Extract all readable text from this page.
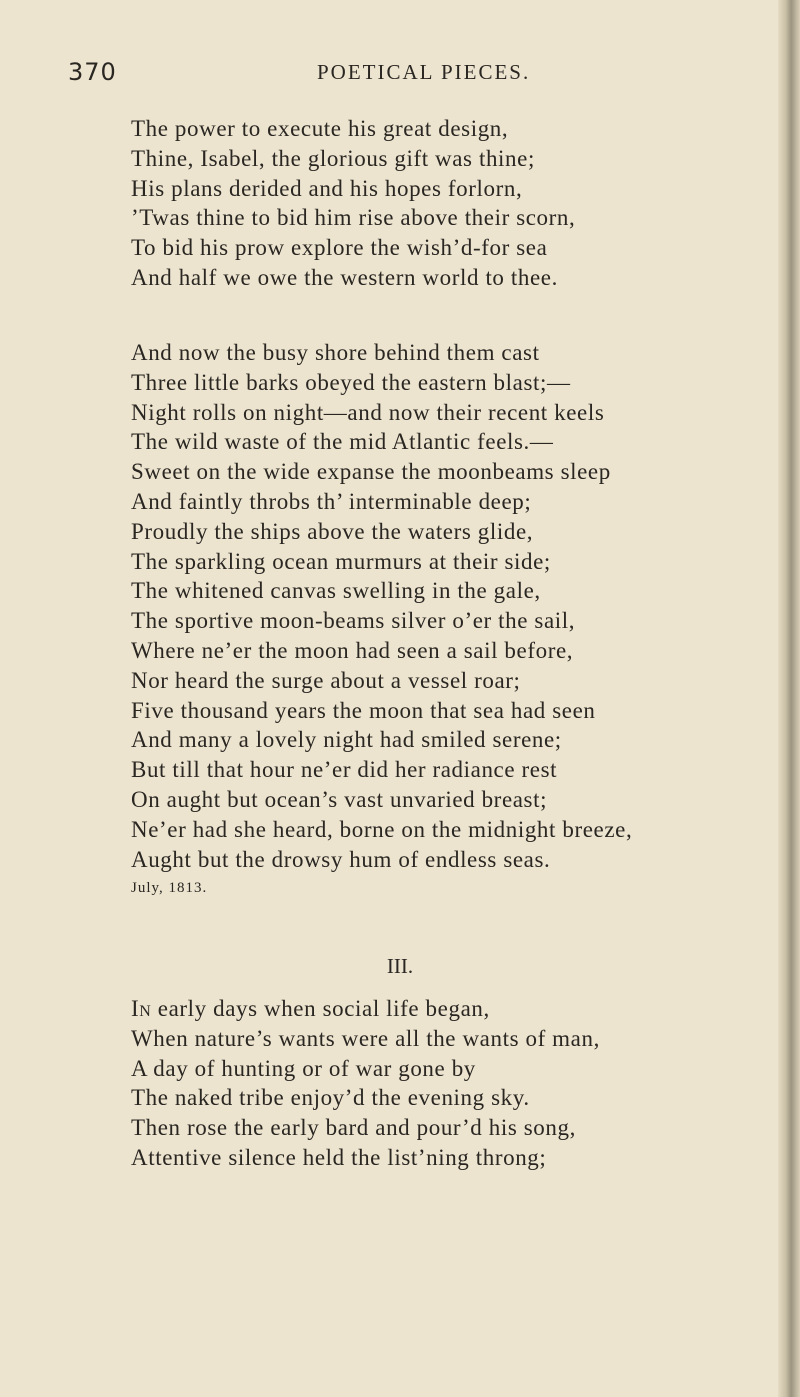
370	POETICAL PIECES.
The power to execute his great design,
Thine, Isabel, the glorious gift was thine;
His plans derided and his hopes forlorn,
’Twas thine to bid him rise above their scorn,
To bid his prow explore the wish’d-for sea
And half we owe the western world to thee.
And now the busy shore behind them cast
Three little barks obeyed the eastern blast;—
Night rolls on night—and now their recent keels
The wild waste of the mid Atlantic feels.—
Sweet on the wide expanse the moonbeams sleep
And faintly throbs th’ interminable deep;
Proudly the ships above the waters glide,
The sparkling ocean murmurs at their side;
The whitened canvas swelling in the gale,
The sportive moon-beams silver o’er the sail,
Where ne’er the moon had seen a sail before,
Nor heard the surge about a vessel roar;
Five thousand years the moon that sea had seen
And many a lovely night had smiled serene;
But till that hour ne’er did her radiance rest
On aught but ocean’s vast unvaried breast;
Ne’er had she heard, borne on the midnight breeze,
Aught but the drowsy hum of endless seas.
July, 1813.
III.
In early days when social life began,
When nature’s wants were all the wants of man,
A day of hunting or of war gone by
The naked tribe enjoy’d the evening sky.
Then rose the early bard and pour’d his song,
Attentive silence held the list’ning throng;
